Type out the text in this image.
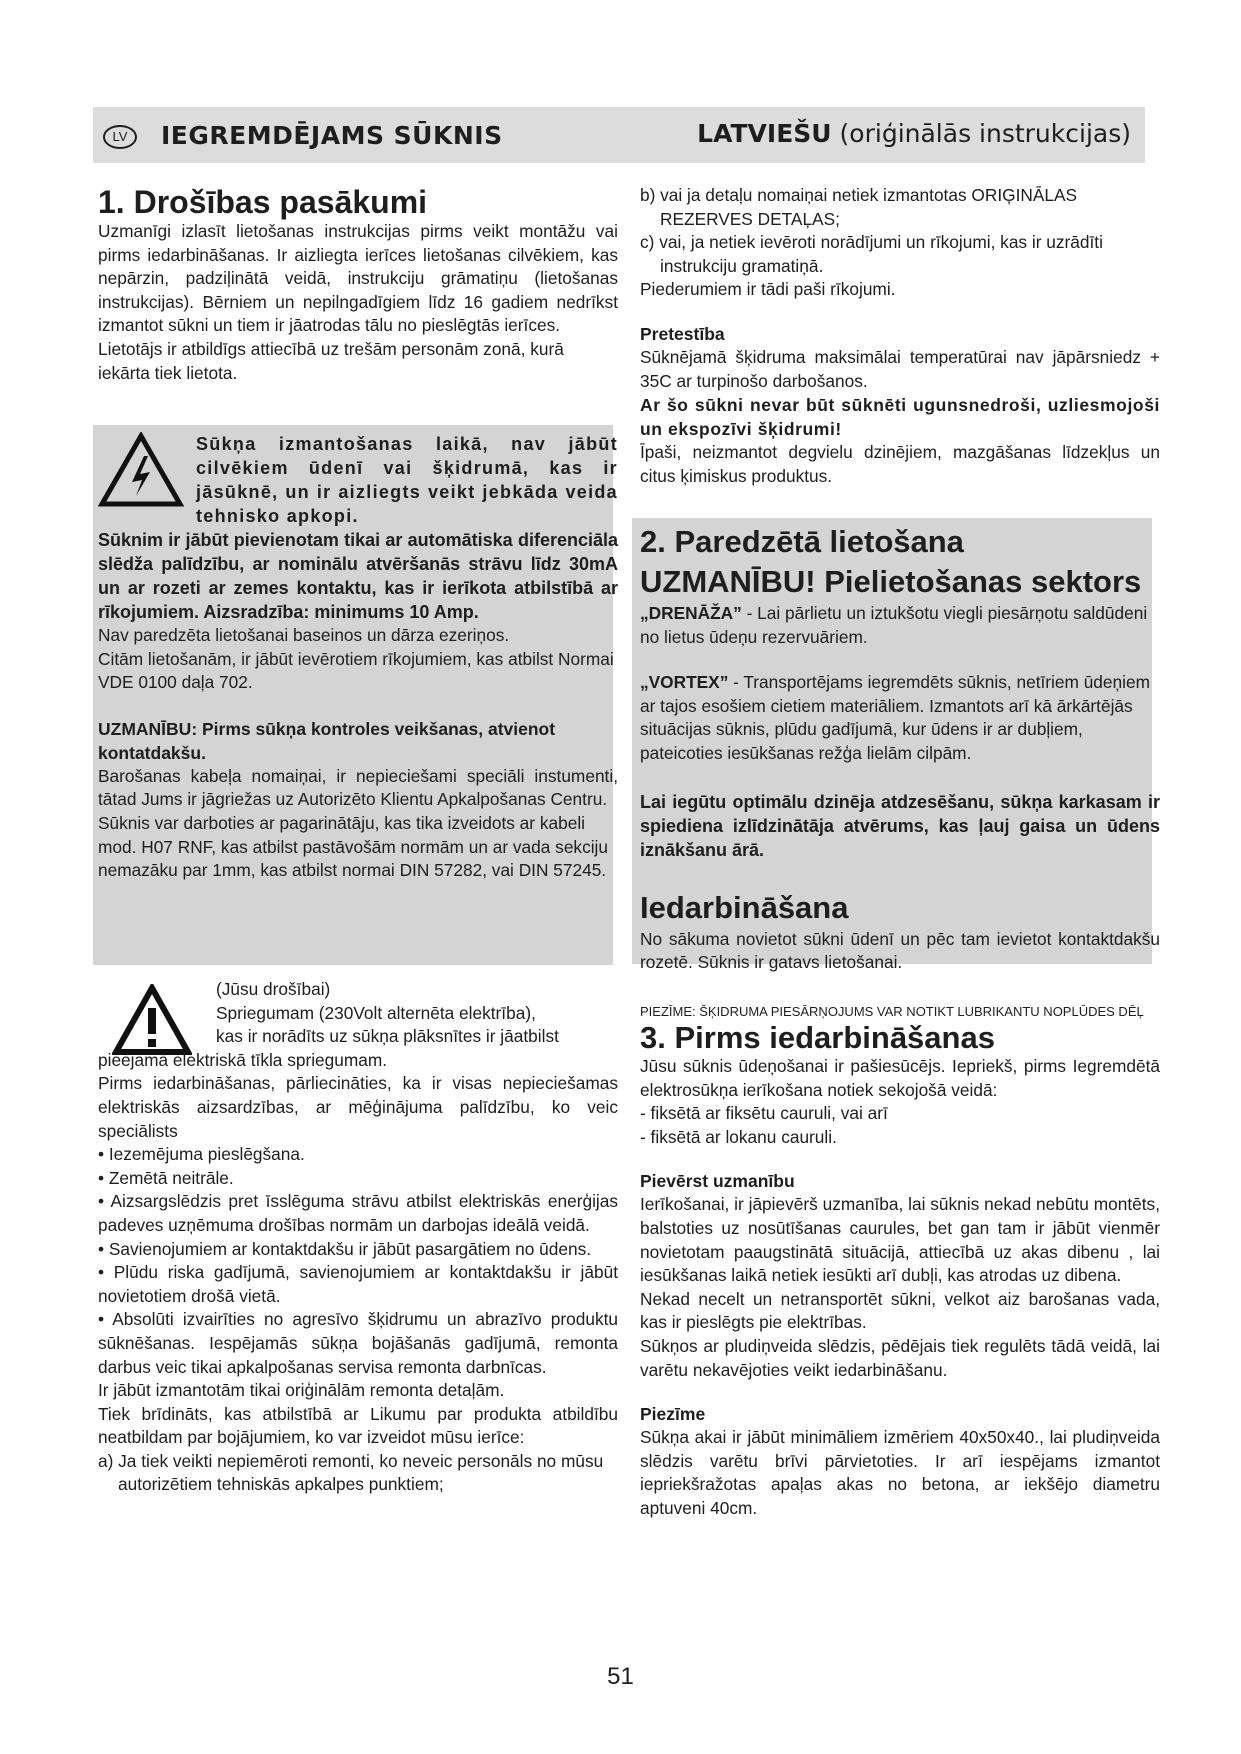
LV	IEGREMDĒJAMS SŪKNIS	LATVIEŠU (oriģinālās instrukcijas)
1. Drošības pasākumi

Uzmanīgi izlasīt lietošanas instrukcijas pirms veikt montāžu vai pirms iedarbināšanas. Ir aizliegta ierīces lietošanas cilvēkiem, kas nepārzin, padziļinātā veidā, instrukciju grāmatiņu (lietošanas instrukcijas). Bērniem un nepilngadīgiem līdz 16 gadiem nedrīkst izmantot sūkni un tiem ir jāatrodas tālu no pieslēgtās ierīces.

Lietotājs ir atbildīgs attiecībā uz trešām personām zonā, kurā iekārta tiek lietota.

Sūkņa izmantošanas laikā, nav jābūt cilvēkiem ūdenī vai šķidrumā, kas ir jāsūknē, un ir aizliegts veikt jebkāda veida tehnisko apkopi.
Sūknim ir jābūt pievienotam tikai ar automātiska diferenciāla slēdža palīdzību, ar nominālu atvēršanās strāvu līdz 30mA un ar rozeti ar zemes kontaktu, kas ir ierīkota atbilstībā ar rīkojumiem. Aizsradzība: minimums 10 Amp.

Nav paredzēta lietošanai baseinos un dārza ezeriņos.

Citām lietošanām, ir jābūt ievērotiem rīkojumiem, kas atbilst Normai VDE 0100 daļa 702.

UZMANĪBU: Pirms sūkņa kontroles veikšanas, atvienot kontatdakšu.

Barošanas kabeļa nomaiņai, ir nepieciešami speciāli instumenti, tātad Jums ir jāgriežas uz Autorizēto Klientu Apkalpošanas Centru.

Sūknis var darboties ar pagarinātāju, kas tika izveidots ar kabeli mod. H07 RNF, kas atbilst pastāvošām normām un ar vada sekciju nemazāku par 1mm, kas atbilst normai DIN 57282, vai DIN 57245.

(Jūsu drošībai)

Spriegumam (230Volt alternēta elektrība),

kas ir norādīts uz sūkņa plāksnītes ir jāatbilst

pieejamā elektriskā tīkla spriegumam.

Pirms iedarbināšanas, pārliecināties, ka ir visas nepieciešamas elektriskās aizsardzības, ar mēģinājuma palīdzību, ko veic speciālists

• Iezemējuma pieslēgšana.

• Zemētā neitrāle.

• Aizsargslēdzis pret īsslēguma strāvu atbilst elektriskās enerģijas padeves uzņēmuma drošības normām un darbojas ideālā veidā.

• Savienojumiem ar kontaktdakšu ir jābūt pasargātiem no ūdens.

• Plūdu riska gadījumā, savienojumiem ar kontaktdakšu ir jābūt novietotiem drošā vietā.

• Absolūti izvairīties no agresīvo šķidrumu un abrazīvo produktu sūknēšanas. Iespējamās sūkņa bojāšanās gadījumā, remonta darbus veic tikai apkalpošanas servisa remonta darbnīcas.

Ir jābūt izmantotām tikai oriģinālām remonta detaļām.

Tiek brīdināts, kas atbilstībā ar Likumu par produkta atbildību neatbildam par bojājumiem, ko var izveidot mūsu ierīce:

a) Ja tiek veikti nepiemēroti remonti, ko neveic personāls no mūsu autorizētiem tehniskās apkalpes punktiem;

b) vai ja detaļu nomaiņai netiek izmantotas ORIĢINĀLAS REZERVES DETAĻAS;

c) vai, ja netiek ievēroti norādījumi un rīkojumi, kas ir uzrādīti instrukciju gramatiņā.

Piederumiem ir tādi paši rīkojumi.

Pretestība

Sūknējamā šķidruma maksimālai temperatūrai nav jāpārsniedz + 35C ar turpinošo darbošanos.

Ar šo sūkni nevar būt sūknēti ugunsnedroši, uzliesmojoši un ekspozīvi šķidrumi!

Īpaši, neizmantot degvielu dzinējiem, mazgāšanas līdzekļus un citus ķimiskus produktus.

2. Paredzētā lietošana
UZMANĪBU! Pielietošanas sektors

„DRENĀŽA” - Lai pārlietu un iztukšotu viegli piesārņotu saldūdeni no lietus ūdeņu rezervuāriem.

„VORTEX” - Transportējams iegremdēts sūknis, netīriem ūdeņiem ar tajos esošiem cietiem materiāliem. Izmantots arī kā ārkārtējās situācijas sūknis, plūdu gadījumā, kur ūdens ir ar dubļiem, pateicoties iesūkšanas režģa lielām cilpām.

Lai iegūtu optimālu dzinēja atdzesēšanu, sūkņa karkasam ir spiediena izlīdzinātāja atvērums, kas ļauj gaisa un ūdens iznākšanu ārā.
Iedarbināšana

No sākuma novietot sūkni ūdenī un pēc tam ievietot kontaktdakšu rozetē. Sūknis ir gatavs lietošanai.

PIEZĪME: ŠĶIDRUMA PIESĀRŅOJUMS VAR NOTIKT LUBRIKANTU NOPLŪDES DĒĻ
3. Pirms iedarbināšanas

Jūsu sūknis ūdeņošanai ir pašiesūcējs. Iepriekš, pirms Iegremdētā elektrosūkņa ierīkošana notiek sekojošā veidā:

- fiksētā ar fiksētu cauruli, vai arī

- fiksētā ar lokanu cauruli.

Pievērst uzmanību

Ierīkošanai, ir jāpievērš uzmanība, lai sūknis nekad nebūtu montēts, balstoties uz nosūtīšanas caurules, bet gan tam ir jābūt vienmēr novietotam paaugstinātā situācijā, attiecībā uz akas dibenu , lai iesūkšanas laikā netiek iesūkti arī dubļi, kas atrodas uz dibena.

Nekad necelt un netransportēt sūkni, velkot aiz barošanas vada, kas ir pieslēgts pie elektrības.

Sūkņos ar pludiņveida slēdzis, pēdējais tiek regulēts tādā veidā, lai varētu nekavējoties veikt iedarbināšanu.

Piezīme

Sūkņa akai ir jābūt minimāliem izmēriem 40x50x40., lai pludiņveida slēdzis varētu brīvi pārvietoties. Ir arī iespējams izmantot iepriekšražotas apaļas akas no betona, ar iekšējo diametru aptuveni 40cm.

51
